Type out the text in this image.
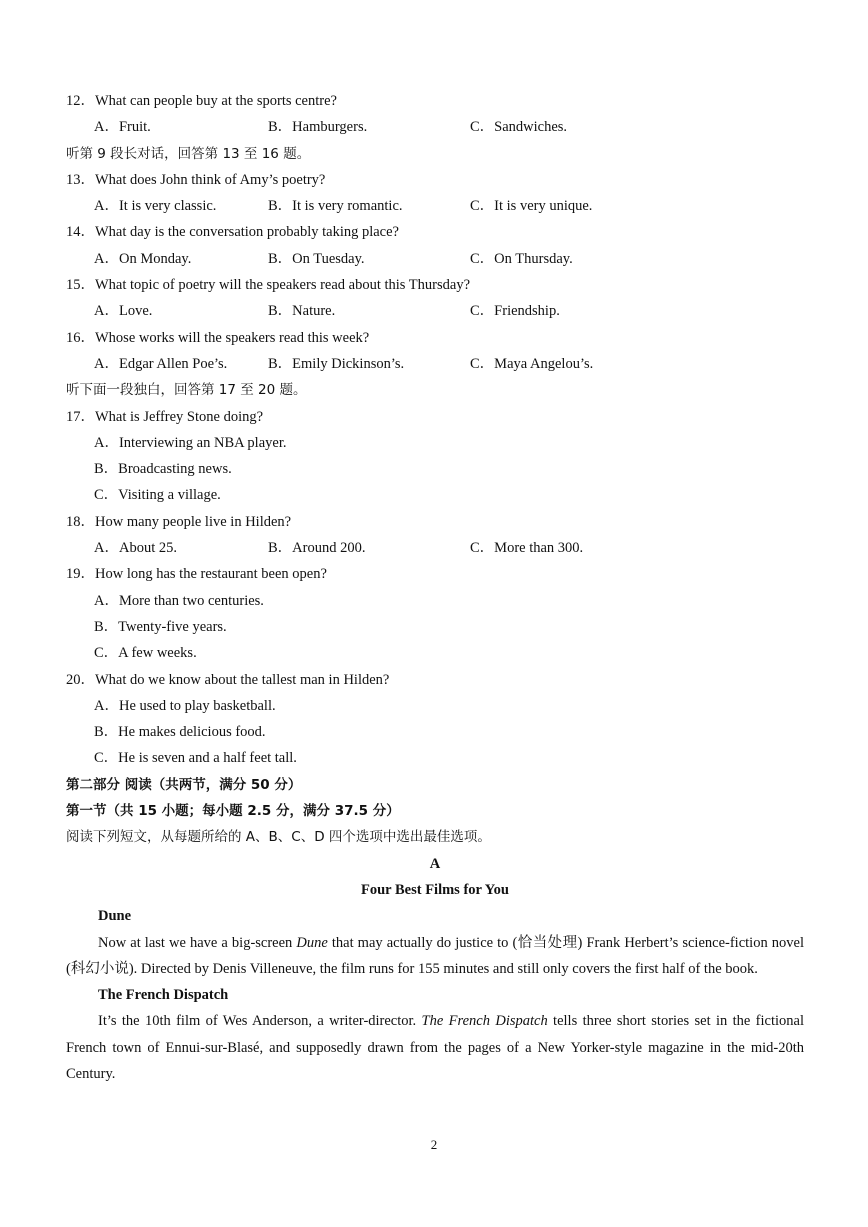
12．What can people buy at the sports centre?
A．Fruit.	B．Hamburgers.	C．Sandwiches.
听第 9 段长对话，回答第 13 至 16 题。
13．What does John think of Amy’s poetry?
A．It is very classic.	B．It is very romantic.	C．It is very unique.
14．What day is the conversation probably taking place?
A．On Monday.	B．On Tuesday.	C．On Thursday.
15．What topic of poetry will the speakers read about this Thursday?
A．Love.	B．Nature.	C．Friendship.
16．Whose works will the speakers read this week?
A．Edgar Allen Poe’s.	B．Emily Dickinson’s.	C．Maya Angelou’s.
听下面一段独白，回答第 17 至 20 题。
17．What is Jeffrey Stone doing?
A．Interviewing an NBA player.
B．Broadcasting news.
C．Visiting a village.
18．How many people live in Hilden?
A．About 25.	B．Around 200.	C．More than 300.
19．How long has the restaurant been open?
A．More than two centuries.
B．Twenty-five years.
C．A few weeks.
20．What do we know about the tallest man in Hilden?
A．He used to play basketball.
B．He makes delicious food.
C．He is seven and a half feet tall.
第二部分 阅读（共两节，满分 50 分）
第一节（共 15 小题；每小题 2.5 分，满分 37.5 分）
阅读下列短文，从每题所给的 A、B、C、D 四个选项中选出最佳选项。
A
Four Best Films for You
Dune
Now at last we have a big-screen Dune that may actually do justice to (恰当处理) Frank Herbert’s science-fiction novel (科幻小说). Directed by Denis Villeneuve, the film runs for 155 minutes and still only covers the first half of the book.
The French Dispatch
It’s the 10th film of Wes Anderson, a writer-director. The French Dispatch tells three short stories set in the fictional French town of Ennui-sur-Blasé, and supposedly drawn from the pages of a New Yorker-style magazine in the mid-20th Century.
2
